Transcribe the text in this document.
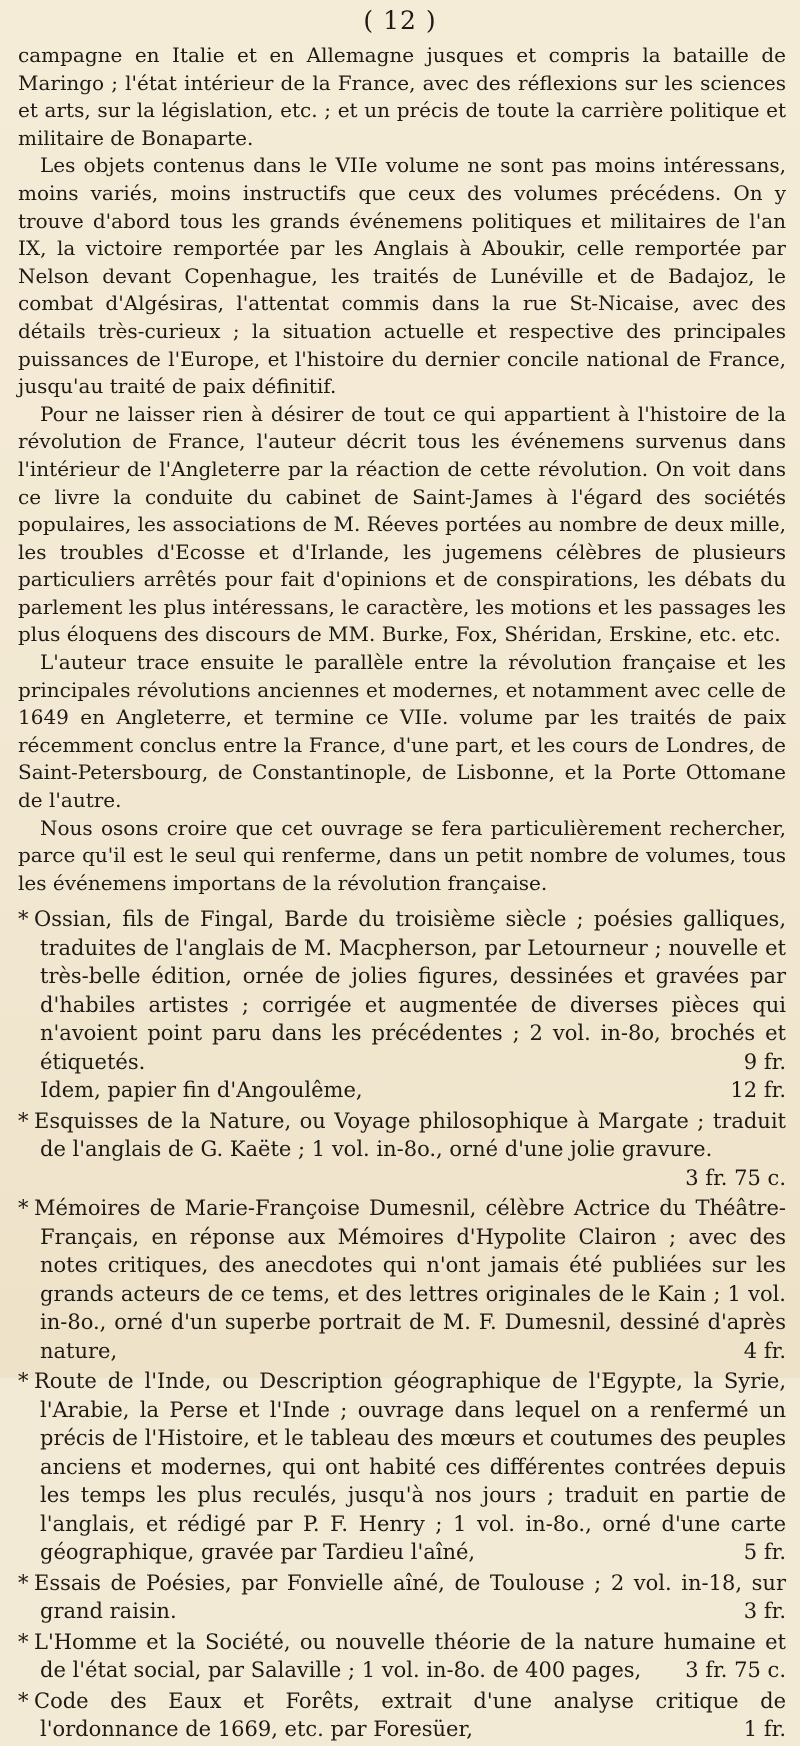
( 12 )

campagne en Italie et en Allemagne jusques et compris la bataille de Maringo ; l'état intérieur de la France, avec des réflexions sur les sciences et arts, sur la législation, etc. ; et un précis de toute la carrière politique et militaire de Bonaparte.

Les objets contenus dans le VIIe volume ne sont pas moins intéressans, moins variés, moins instructifs que ceux des volumes précédens. On y trouve d'abord tous les grands événemens politiques et militaires de l'an IX, la victoire remportée par les Anglais à Aboukir, celle remportée par Nelson devant Copenhague, les traités de Lunéville et de Badajoz, le combat d'Algésiras, l'attentat commis dans la rue St-Nicaise, avec des détails très-curieux ; la situation actuelle et respective des principales puissances de l'Europe, et l'histoire du dernier concile national de France, jusqu'au traité de paix définitif.

Pour ne laisser rien à désirer de tout ce qui appartient à l'histoire de la révolution de France, l'auteur décrit tous les événemens survenus dans l'intérieur de l'Angleterre par la réaction de cette révolution. On voit dans ce livre la conduite du cabinet de Saint-James à l'égard des sociétés populaires, les associations de M. Réeves portées au nombre de deux mille, les troubles d'Ecosse et d'Irlande, les jugemens célèbres de plusieurs particuliers arrêtés pour fait d'opinions et de conspirations, les débats du parlement les plus intéressans, le caractère, les motions et les passages les plus éloquens des discours de MM. Burke, Fox, Shéridan, Erskine, etc. etc.

L'auteur trace ensuite le parallèle entre la révolution française et les principales révolutions anciennes et modernes, et notamment avec celle de 1649 en Angleterre, et termine ce VIIe. volume par les traités de paix récemment conclus entre la France, d'une part, et les cours de Londres, de Saint-Petersbourg, de Constantinople, de Lisbonne, et la Porte Ottomane de l'autre.

Nous osons croire que cet ouvrage se fera particulièrement rechercher, parce qu'il est le seul qui renferme, dans un petit nombre de volumes, tous les événemens importans de la révolution française.

* Ossian, fils de Fingal, Barde du troisième siècle ; poésies galliques, traduites de l'anglais de M. Macpherson, par Letourneur ; nouvelle et très-belle édition, ornée de jolies figures, dessinées et gravées par d'habiles artistes ; corrigée et augmentée de diverses pièces qui n'avoient point paru dans les précédentes ; 2 vol. in-8o, brochés et étiquetés.	9 fr.

Idem, papier fin d'Angoulême,	12 fr.

* Esquisses de la Nature, ou Voyage philosophique à Margate ; traduit de l'anglais de G. Kaëte ; 1 vol. in-8o., orné d'une jolie gravure.
3 fr. 75 c.

* Mémoires de Marie-Françoise Dumesnil, célèbre Actrice du Théâtre-Français, en réponse aux Mémoires d'Hypolite Clairon ; avec des notes critiques, des anecdotes qui n'ont jamais été publiées sur les grands acteurs de ce tems, et des lettres originales de le Kain ; 1 vol. in-8o., orné d'un superbe portrait de M. F. Dumesnil, dessiné d'après nature,	4 fr.

* Route de l'Inde, ou Description géographique de l'Egypte, la Syrie, l'Arabie, la Perse et l'Inde ; ouvrage dans lequel on a renfermé un précis de l'Histoire, et le tableau des mœurs et coutumes des peuples anciens et modernes, qui ont habité ces différentes contrées depuis les temps les plus reculés, jusqu'à nos jours ; traduit en partie de l'anglais, et rédigé par P. F. Henry ; 1 vol. in-8o., orné d'une carte géographique, gravée par Tardieu l'aîné,	5 fr.

* Essais de Poésies, par Fonvielle aîné, de Toulouse ; 2 vol. in-18, sur grand raisin.	3 fr.

* L'Homme et la Société, ou nouvelle théorie de la nature humaine et de l'état social, par Salaville ; 1 vol. in-8o. de 400 pages,	3 fr. 75 c.

* Code des Eaux et Forêts, extrait d'une analyse critique de l'ordonnance de 1669, etc. par Foresüer,	1 fr.
